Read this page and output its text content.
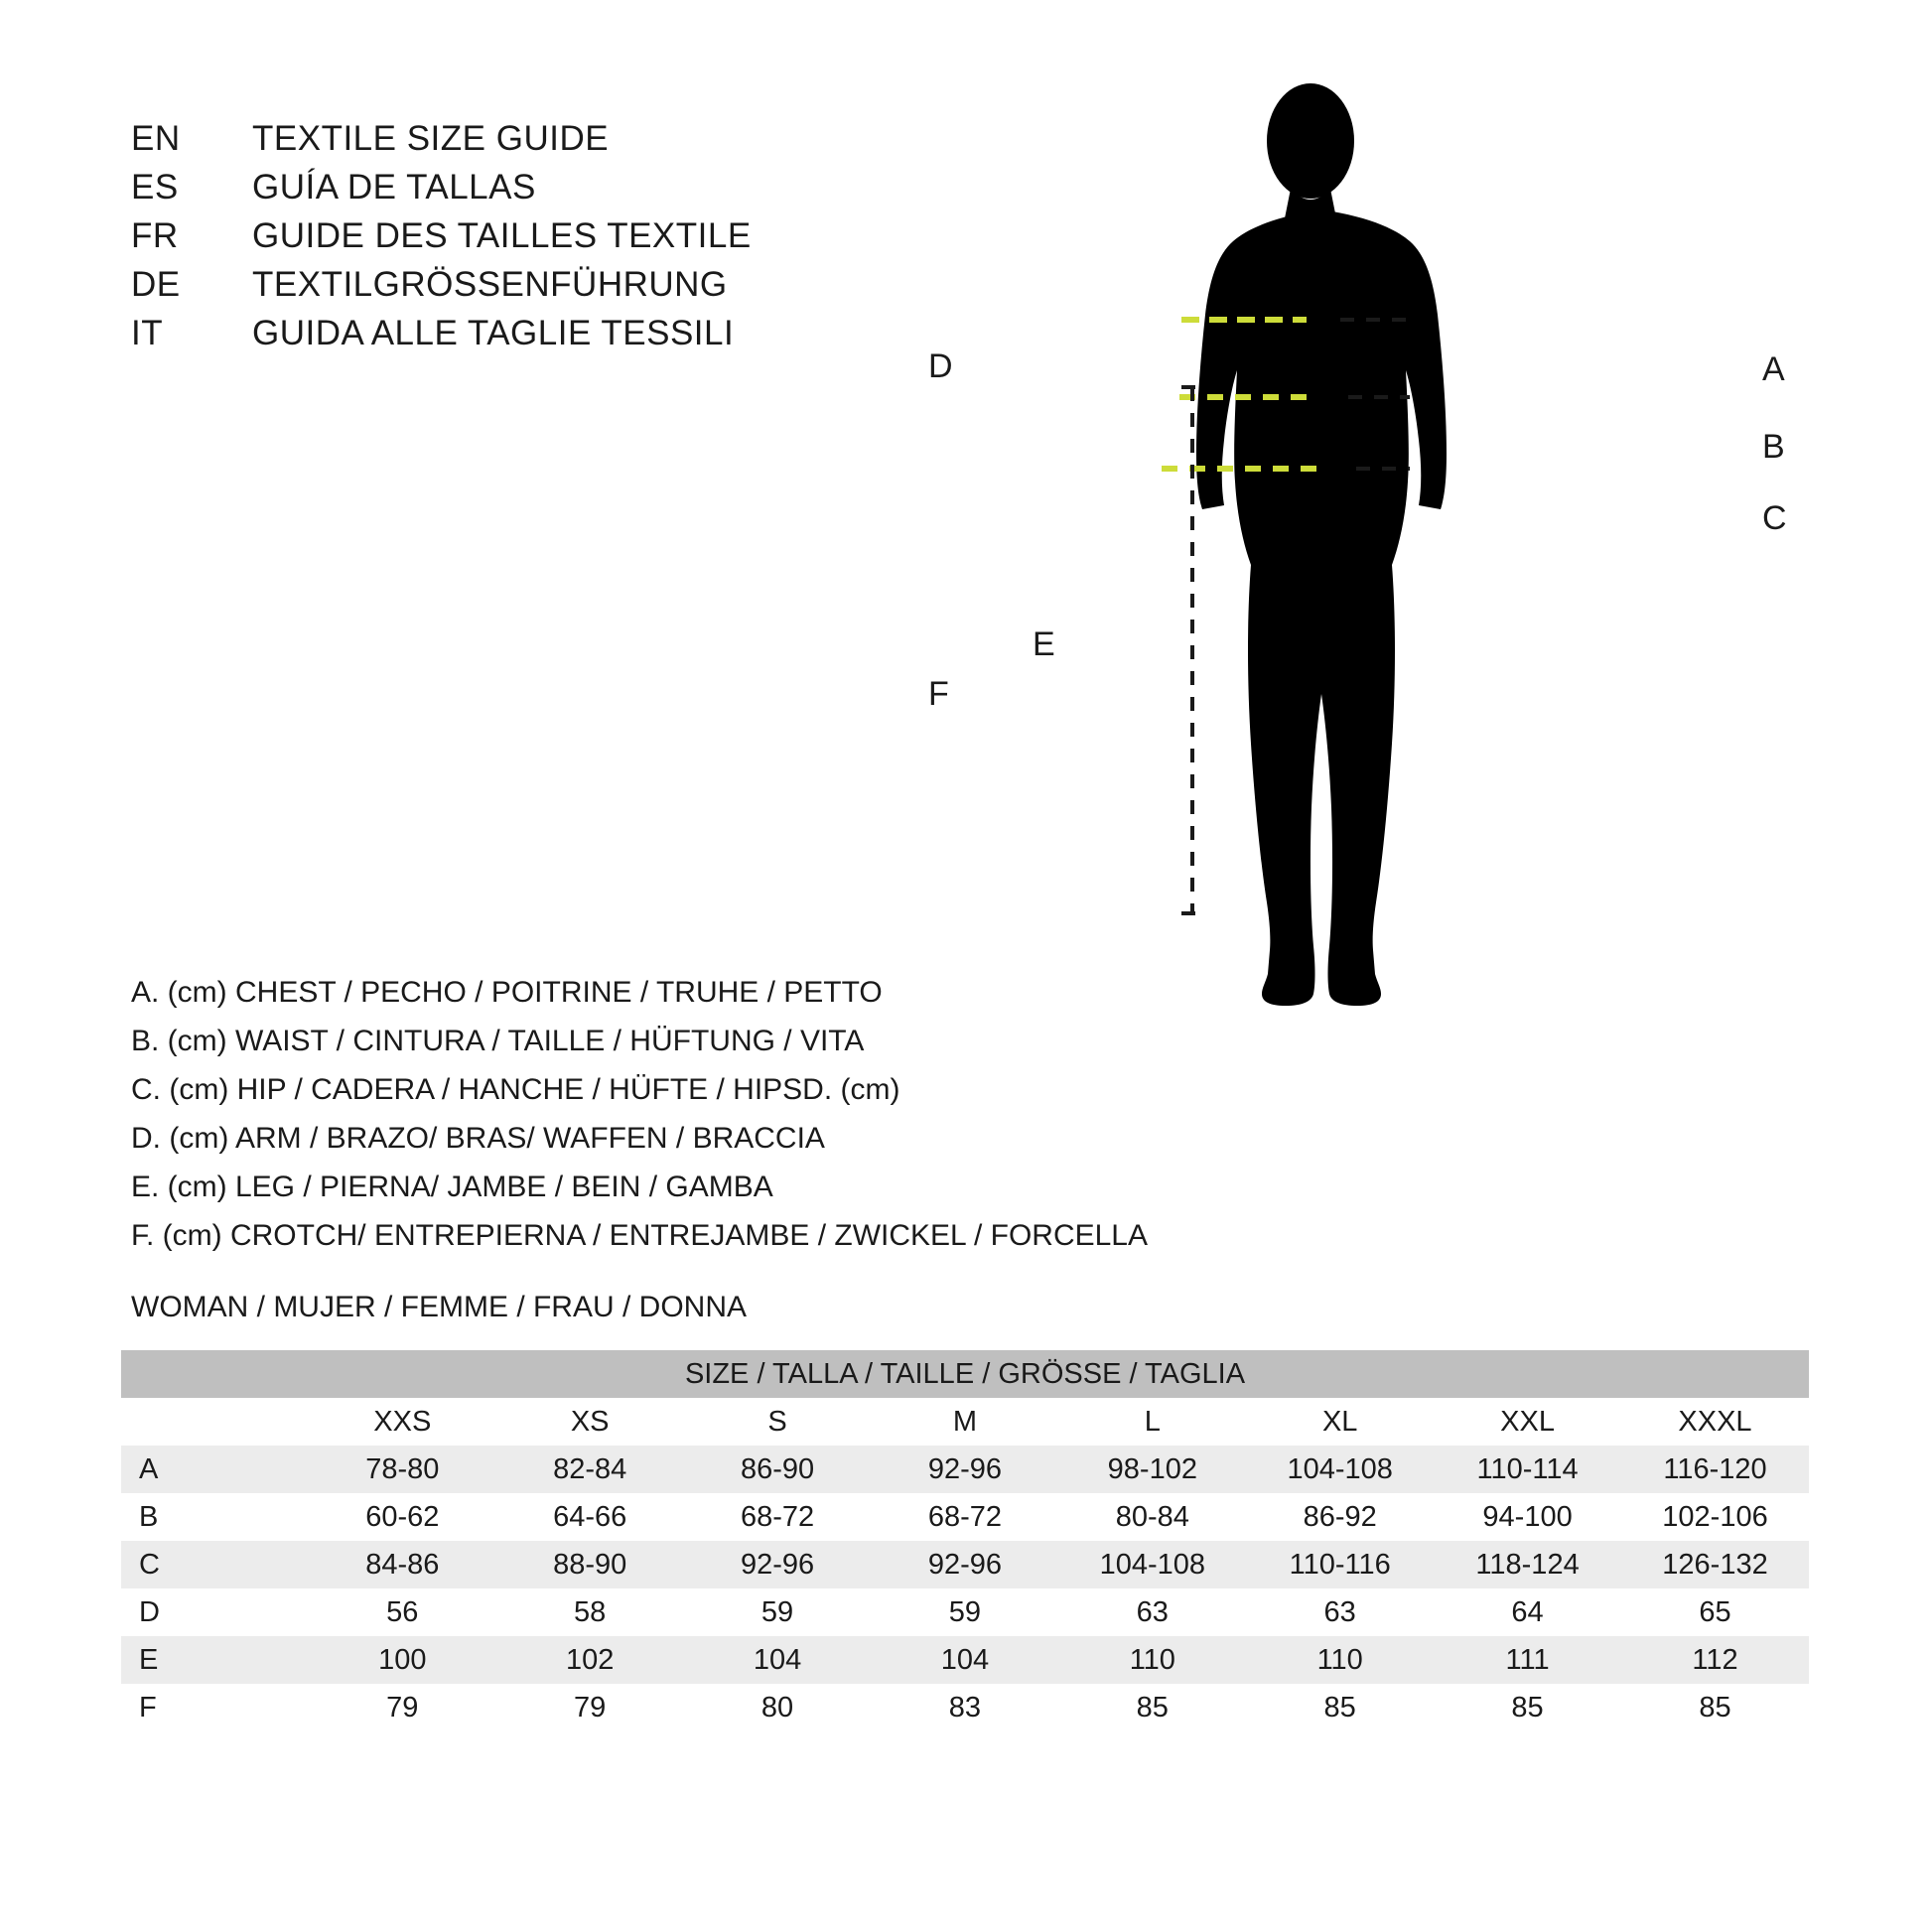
EN	TEXTILE SIZE GUIDE
ES	GUÍA DE TALLAS
FR	GUIDE DES TAILLES TEXTILE
DE	TEXTILGRÖSSENFÜHRUNG
IT	GUIDA ALLE TAGLIE TESSILI
A
B
C
D
E
F
A. (cm) CHEST / PECHO / POITRINE / TRUHE / PETTO
B. (cm) WAIST / CINTURA / TAILLE / HÜFTUNG / VITA
C. (cm) HIP / CADERA / HANCHE / HÜFTE / HIPSD. (cm)
D. (cm) ARM / BRAZO/ BRAS/ WAFFEN / BRACCIA
E. (cm) LEG / PIERNA/ JAMBE / BEIN / GAMBA
F. (cm) CROTCH/ ENTREPIERNA / ENTREJAMBE / ZWICKEL / FORCELLA
WOMAN / MUJER / FEMME / FRAU / DONNA
SIZE / TALLA / TAILLE / GRÖSSE / TAGLIA								
	XXS	XS	S	M	L	XL	XXL	XXXL
A	78-80	82-84	86-90	92-96	98-102	104-108	110-114	116-120
B	60-62	64-66	68-72	68-72	80-84	86-92	94-100	102-106
C	84-86	88-90	92-96	92-96	104-108	110-116	118-124	126-132
D	56	58	59	59	63	63	64	65
E	100	102	104	104	110	110	111	112
F	79	79	80	83	85	85	85	85
